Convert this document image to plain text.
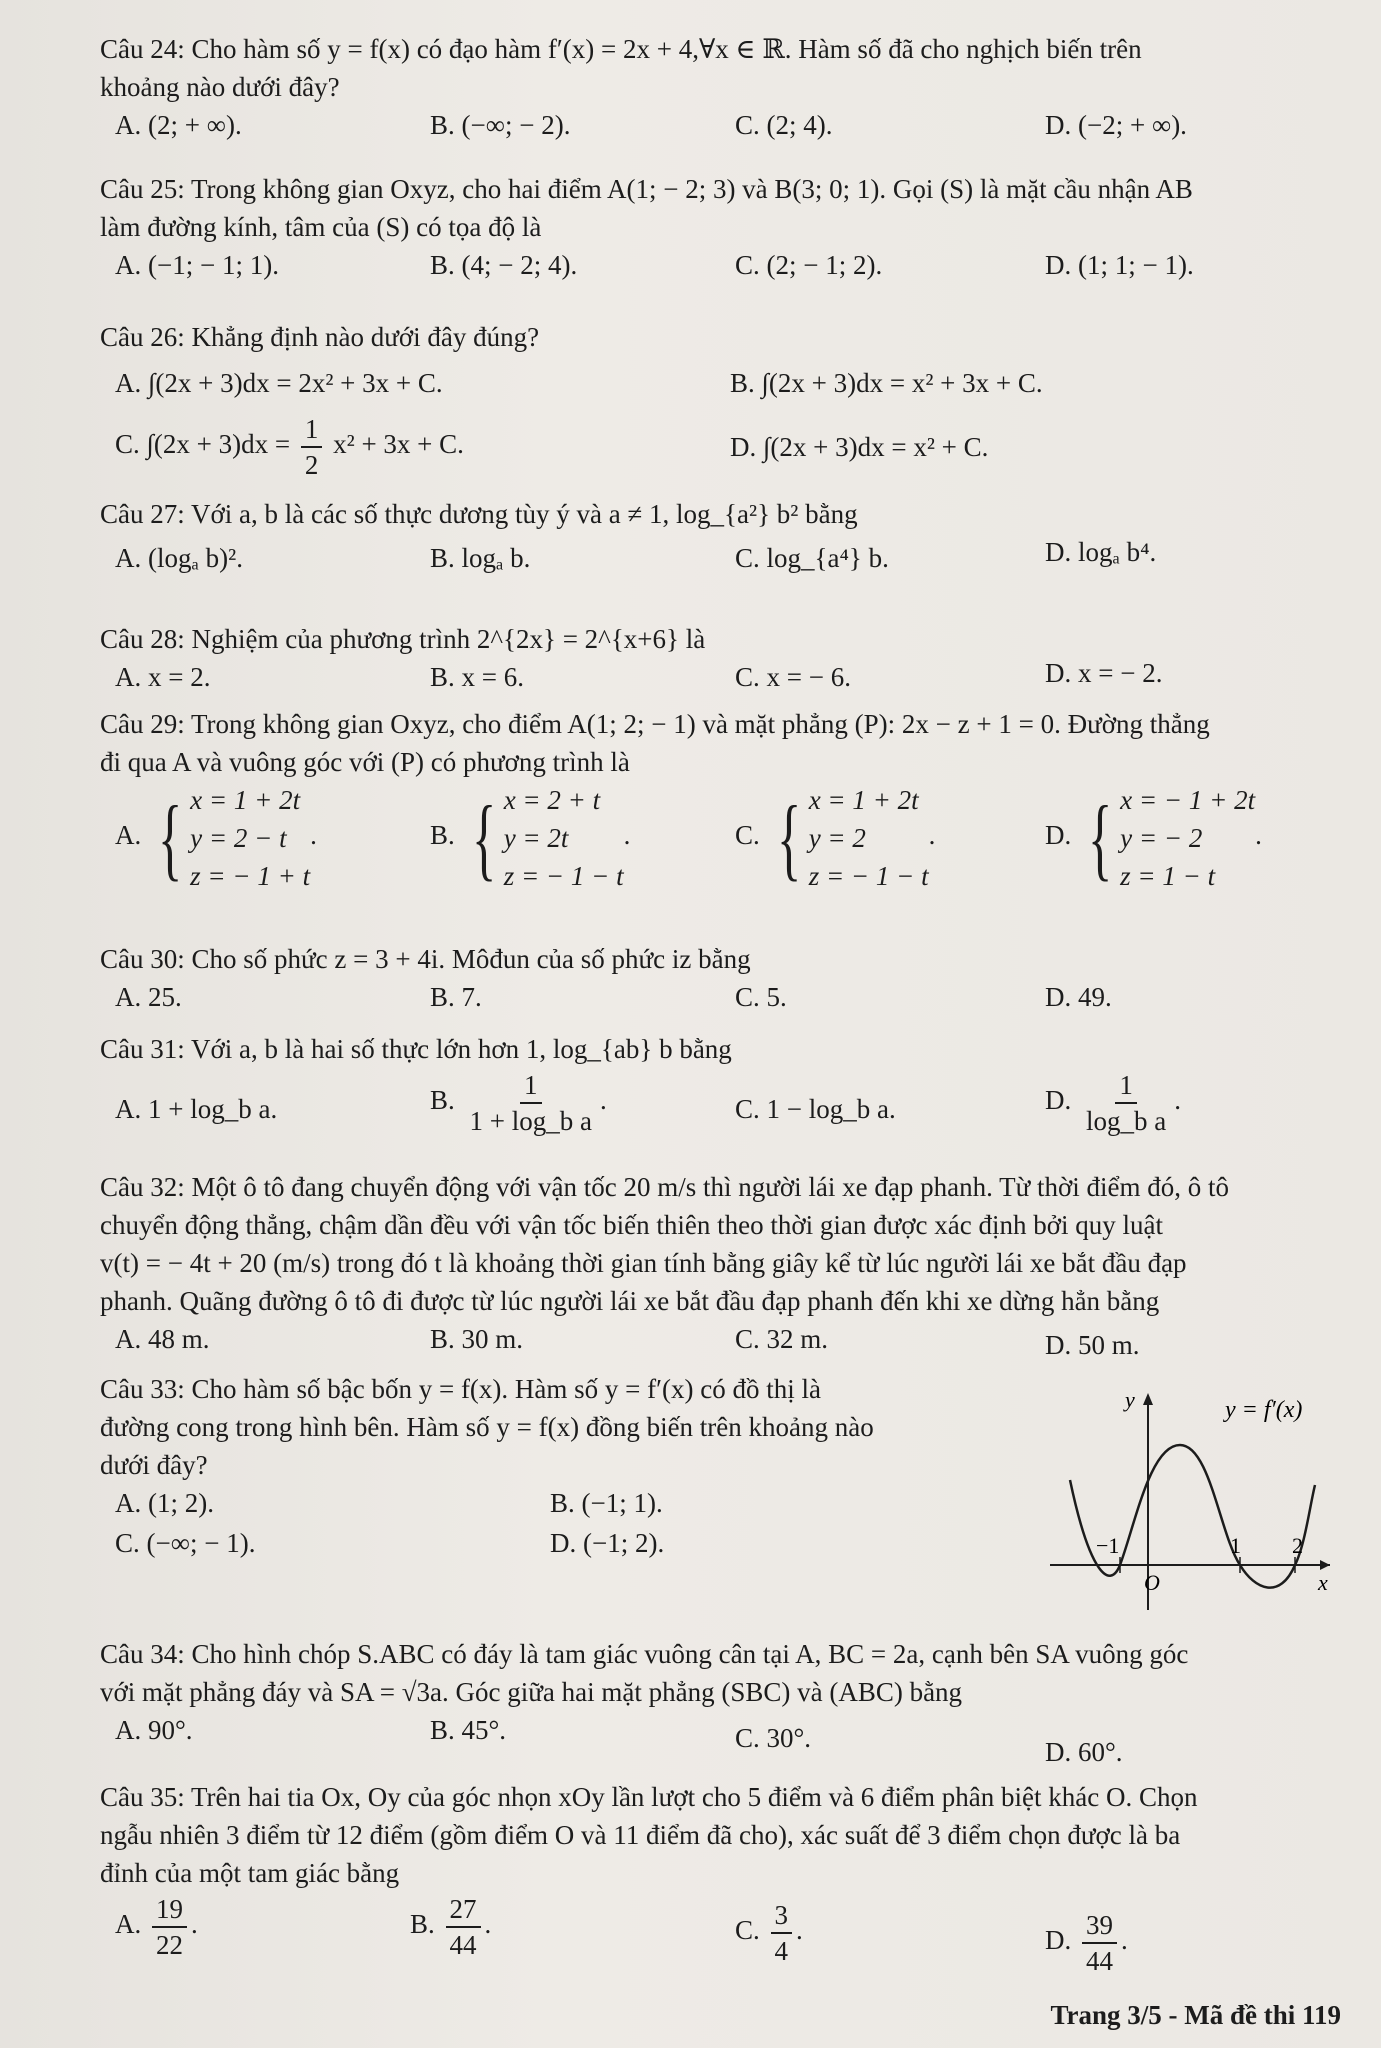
Câu 24: Cho hàm số y = f(x) có đạo hàm f′(x) = 2x + 4,∀x ∈ ℝ. Hàm số đã cho nghịch biến trên
khoảng nào dưới đây?
A. (2; + ∞).	B. (−∞; − 2).	C. (2; 4).	D. (−2; + ∞).
Câu 25: Trong không gian Oxyz, cho hai điểm A(1; − 2; 3) và B(3; 0; 1). Gọi (S) là mặt cầu nhận AB
làm đường kính, tâm của (S) có tọa độ là
A. (−1; − 1; 1).	B. (4; − 2; 4).	C. (2; − 1; 2).	D. (1; 1; − 1).
Câu 26: Khẳng định nào dưới đây đúng?
A. ∫(2x + 3)dx = 2x² + 3x + C.	B. ∫(2x + 3)dx = x² + 3x + C.
C. $\int(2x + 3)dx = \frac{1}{2} x^2 + 3x + C$.	D. ∫(2x + 3)dx = x² + C.
Câu 27: Với a, b là các số thực dương tùy ý và a ≠ 1, log_{a²} b² bằng
A. (logₐ b)².	B. logₐ b.	C. log_{a⁴} b.	D. logₐ b⁴.
Câu 28: Nghiệm của phương trình 2^{2x} = 2^{x+6} là
A. x = 2.	B. x = 6.	C. x = − 6.	D. x = − 2.
Câu 29: Trong không gian Oxyz, cho điểm A(1; 2; − 1) và mặt phẳng (P): 2x − z + 1 = 0. Đường thẳng
đi qua A và vuông góc với (P) có phương trình là
A. { x = 1 + 2t
y = 2 − t
z = − 1 + t
.	B. { x = 2 + t
y = 2t
z = − 1 − t
.	C. { x = 1 + 2t
y = 2
z = − 1 − t
.	D. { x = − 1 + 2t
y = − 2
z = 1 − t
.
Câu 30: Cho số phức z = 3 + 4i. Môđun của số phức iz bằng
A. 25.	B. 7.	C. 5.	D. 49.
Câu 31: Với a, b là hai số thực lớn hơn 1, log_{ab} b bằng
A. 1 + log_b a.	B. $\frac{1}{\text{1 + log\_b a}}$ .	C. 1 − log_b a.	D. $\frac{1}{\text{log\_b a}}$ .
Câu 32: Một ô tô đang chuyển động với vận tốc 20 m/s thì người lái xe đạp phanh. Từ thời điểm đó, ô tô
chuyển động thẳng, chậm dần đều với vận tốc biến thiên theo thời gian được xác định bởi quy luật
v(t) = − 4t + 20 (m/s) trong đó t là khoảng thời gian tính bằng giây kể từ lúc người lái xe bắt đầu đạp
phanh. Quãng đường ô tô đi được từ lúc người lái xe bắt đầu đạp phanh đến khi xe dừng hẳn bằng
A. 48 m.	B. 30 m.	C. 32 m.	D. 50 m.
Câu 33: Cho hàm số bậc bốn y = f(x). Hàm số y = f′(x) có đồ thị là
đường cong trong hình bên. Hàm số y = f(x) đồng biến trên khoảng nào
dưới đây?
A. (1; 2).	B. (−1; 1).
C. (−∞; − 1).	D. (−1; 2).	−1	1 2
O	x
y	y = f′(x)
Câu 34: Cho hình chóp S.ABC có đáy là tam giác vuông cân tại A, BC = 2a, cạnh bên SA vuông góc
với mặt phẳng đáy và SA = √3a. Góc giữa hai mặt phẳng (SBC) và (ABC) bằng
A. 90°.	B. 45°.	C. 30°.	D. 60°.
Câu 35: Trên hai tia Ox, Oy của góc nhọn xOy lần lượt cho 5 điểm và 6 điểm phân biệt khác O. Chọn
ngẫu nhiên 3 điểm từ 12 điểm (gồm điểm O và 11 điểm đã cho), xác suất để 3 điểm chọn được là ba
đỉnh của một tam giác bằng
A. $\frac{19}{22}$ .	B. $\frac{27}{44}$ .	C. $\frac{3}{4}$ .	D. $\frac{39}{44}$ .
Trang 3/5 - Mã đề thi 119
